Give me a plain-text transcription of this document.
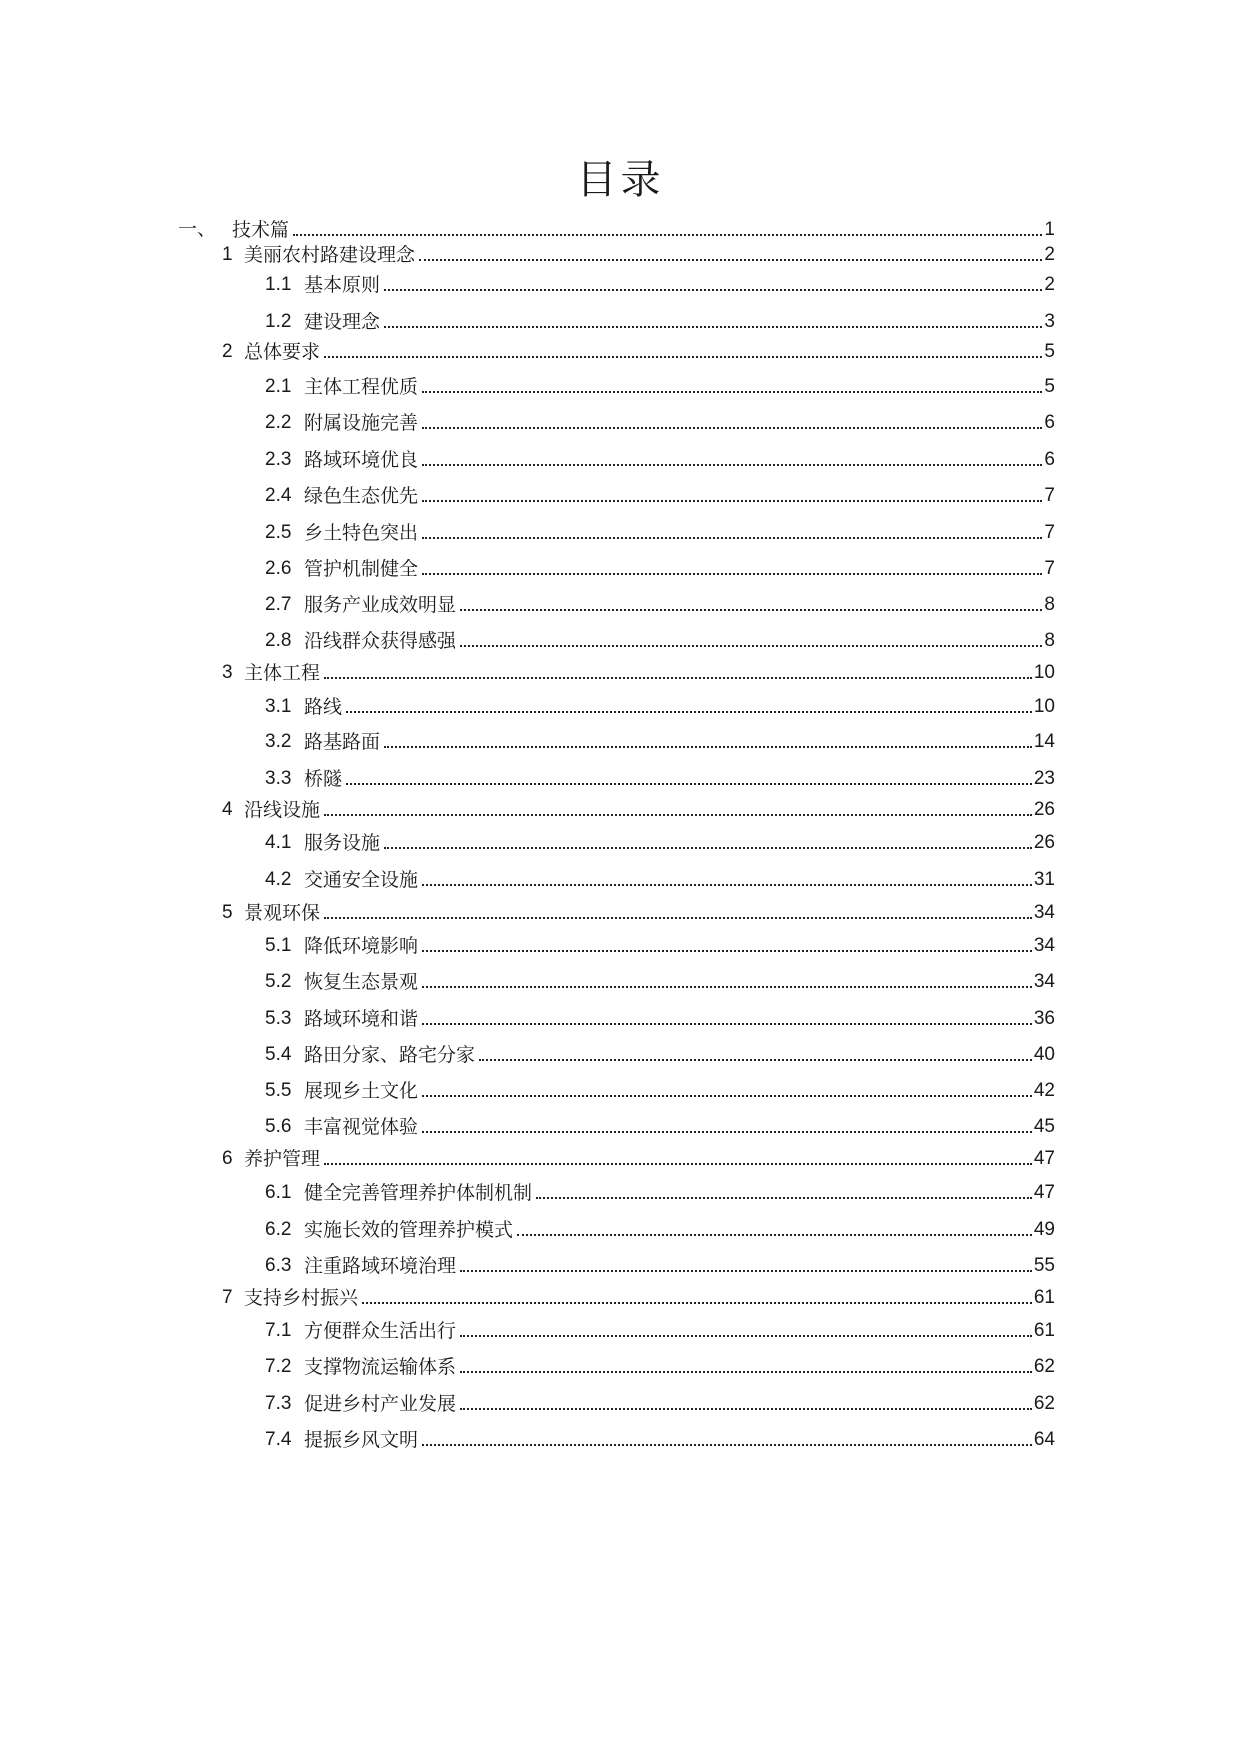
目录
一、 技术篇	1
1 美丽农村路建设理念	2
1.1 基本原则	2
1.2 建设理念	3
2 总体要求	5
2.1 主体工程优质	5
2.2 附属设施完善	6
2.3 路域环境优良	6
2.4 绿色生态优先	7
2.5 乡土特色突出	7
2.6 管护机制健全	7
2.7 服务产业成效明显	8
2.8 沿线群众获得感强	8
3 主体工程	10
3.1 路线	10
3.2 路基路面	14
3.3 桥隧	23
4 沿线设施	26
4.1 服务设施	26
4.2 交通安全设施	31
5 景观环保	34
5.1 降低环境影响	34
5.2 恢复生态景观	34
5.3 路域环境和谐	36
5.4 路田分家、路宅分家	40
5.5 展现乡土文化	42
5.6 丰富视觉体验	45
6 养护管理	47
6.1 健全完善管理养护体制机制	47
6.2 实施长效的管理养护模式	49
6.3 注重路域环境治理	55
7 支持乡村振兴	61
7.1 方便群众生活出行	61
7.2 支撑物流运输体系	62
7.3 促进乡村产业发展	62
7.4 提振乡风文明	64
